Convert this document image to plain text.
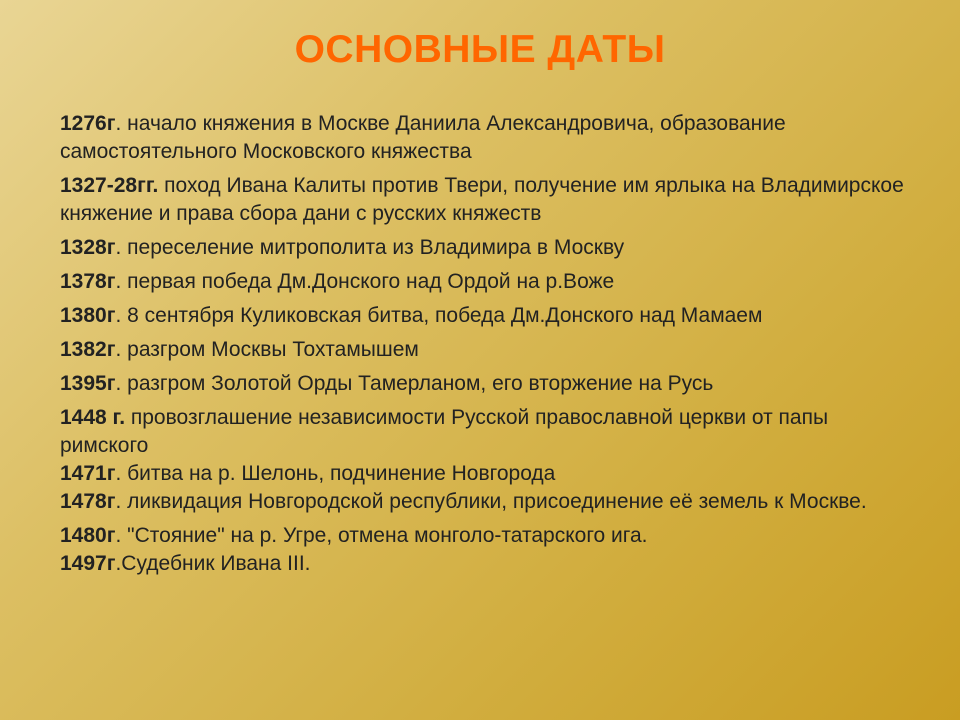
ОСНОВНЫЕ ДАТЫ
1276г. начало княжения в Москве Даниила Александровича, образование самостоятельного Московского княжества
1327-28гг. поход Ивана Калиты против Твери, получение им ярлыка на Владимирское княжение и права сбора дани с русских княжеств
1328г. переселение митрополита из Владимира в Москву
1378г. первая победа Дм.Донского над Ордой на р.Воже
1380г. 8 сентября Куликовская битва, победа Дм.Донского над Мамаем
1382г. разгром Москвы Тохтамышем
1395г. разгром Золотой Орды Тамерланом, его вторжение на Русь
1448 г. провозглашение независимости Русской православной церкви от папы римского
1471г. битва на р. Шелонь, подчинение Новгорода
1478г. ликвидация Новгородской республики, присоединение её земель к Москве.
1480г. "Стояние" на р. Угре, отмена монголо-татарского ига.
1497г.Судебник Ивана III.
